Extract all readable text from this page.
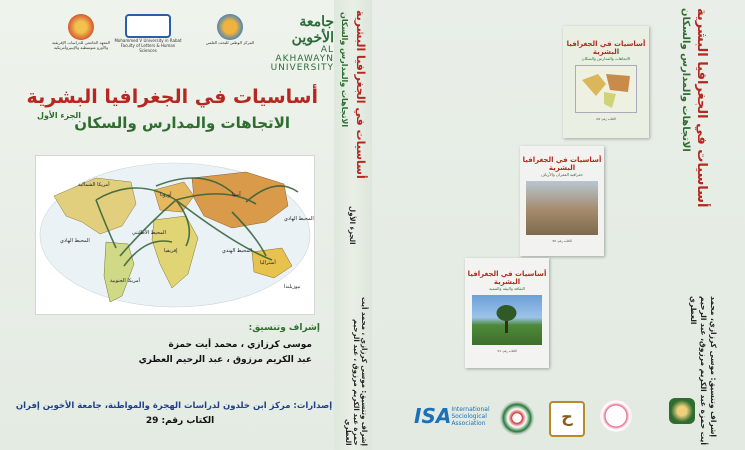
المعهد الجامعي للدراسات الإفريقية والأورو متوسطية والإيبيروأمريكية
Mohammed V University in Rabat Faculty of Letters & Human Sciences
المركز الوطني للبحث العلمي
جامعة الأخوين
AL AKHAWAYN UNIVERSITY
أساسيات في الجغرافيا البشرية
الجزء الأول
الاتجاهات والمدارس والسكان
أمريكا الشمالية
المحيط الهادي
المحيط الأطلنتي
أمريكا الجنوبية
أوروبا
إفريقيا	المحيط الهندي
آسيا
المحيط الهادي
أستراليا
نيوزيلندا
إشراف وتنسيق:
موسى كرزازي ، محمد أيت حمزة
عبد الكريم مرزوق ، عبد الرحيم العطري
إصدارات: مركز ابن خلدون لدراسات الهجرة والمواطنة، جامعة الأخوين إفران
الكتاب رقم: 29
أساسيات في الجغرافيا البشرية
الاتجاهات والمدارس والسكان
الجزء الأول
إشراف وتنسيق: موسى كرزازي ، محمد أيت حمزة عبد الكريم مرزوق ، عبد الرحيم العطري
أساسيات في الجغرافيا البشرية
الاتجاهات والمدارس والسكان
الكتاب رقم: 29
أساسيات في الجغرافيا البشرية
جغرافية العمران والأرياف
الكتاب رقم: 30
أساسيات في الجغرافيا البشرية
الثقافة والبيئة والتنمية
الكتاب رقم: 31
أساسيات في الجغرافيا البشرية
الاتجاهات والمدارس والسكان
إشراف وتنسيق: موسى كرزازي، محمد أيت حمزة عبد الكريم مرزوق، عبد الرحيم العطري
ISA International Sociological Association	ح
